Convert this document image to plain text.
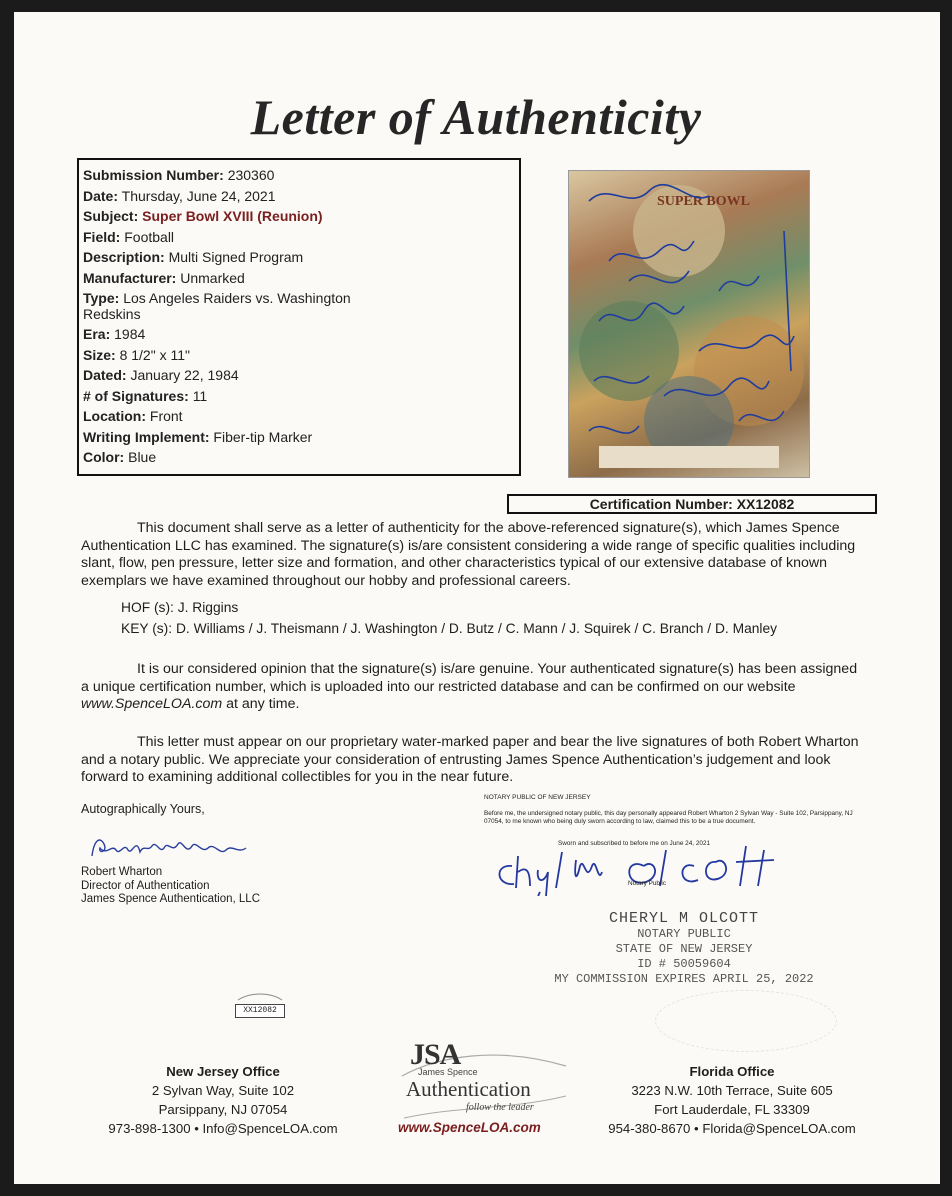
Letter of Authenticity
Submission Number: 230360
Date: Thursday, June 24, 2021
Subject: Super Bowl XVIII (Reunion)
Field: Football
Description: Multi Signed Program
Manufacturer: Unmarked
Type: Los Angeles Raiders vs. Washington Redskins
Era: 1984
Size: 8 1/2" x 11"
Dated: January 22, 1984
# of Signatures: 11
Location: Front
Writing Implement: Fiber-tip Marker
Color: Blue
SUPER BOWL
Certification Number: XX12082
This document shall serve as a letter of authenticity for the above-referenced signature(s), which James Spence Authentication LLC has examined. The signature(s) is/are consistent considering a wide range of specific qualities including slant, flow, pen pressure, letter size and formation, and other characteristics typical of our extensive database of known exemplars we have examined throughout our hobby and professional careers.
HOF (s): J. Riggins
KEY (s): D. Williams / J. Theismann / J. Washington / D. Butz / C. Mann / J. Squirek / C. Branch / D. Manley
It is our considered opinion that the signature(s) is/are genuine. Your authenticated signature(s) has been assigned a unique certification number, which is uploaded into our restricted database and can be confirmed on our website www.SpenceLOA.com at any time.
This letter must appear on our proprietary water-marked paper and bear the live signatures of both Robert Wharton and a notary public. We appreciate your consideration of entrusting James Spence Authentication’s judgement and look forward to examining additional collectibles for you in the near future.
Autographically Yours,
Robert Wharton
Director of Authentication
James Spence Authentication, LLC
NOTARY PUBLIC OF NEW JERSEY
Before me, the undersigned notary public, this day personally appeared Robert Wharton 2 Sylvan Way - Suite 102, Parsippany, NJ 07054, to me known who being duly sworn according to law, claimed this to be a true document.
Sworn and subscribed to before me on June 24, 2021
Notary Public
CHERYL M OLCOTT
NOTARY PUBLIC
STATE OF NEW JERSEY
ID # 50059604
MY COMMISSION EXPIRES APRIL 25, 2022
XX12082
New Jersey Office
2 Sylvan Way, Suite 102
Parsippany, NJ 07054
973-898-1300 • Info@SpenceLOA.com
JSA
James Spence
Authentication
follow the leader
www.SpenceLOA.com
Florida Office
3223 N.W. 10th Terrace, Suite 605
Fort Lauderdale, FL 33309
954-380-8670 • Florida@SpenceLOA.com
